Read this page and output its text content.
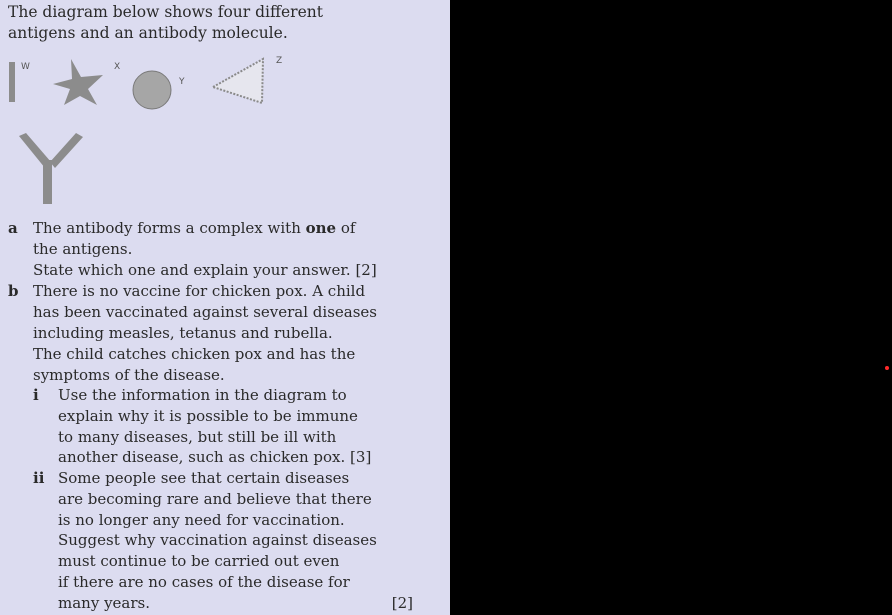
The diagram below shows four different
antigens and an antibody molecule.

W	X
Y
Z
a The antibody forms a complex with one of
the antigens.
State which one and explain your answer. [2]
b There is no vaccine for chicken pox. A child
has been vaccinated against several diseases
including measles, tetanus and rubella.
The child catches chicken pox and has the
symptoms of the disease.
i Use the information in the diagram to
explain why it is possible to be immune
to many diseases, but still be ill with
another disease, such as chicken pox. [3]
ii Some people see that certain diseases
are becoming rare and believe that there
is no longer any need for vaccination.
Suggest why vaccination against diseases
must continue to be carried out even
if there are no cases of the disease for
many years.	[2]
